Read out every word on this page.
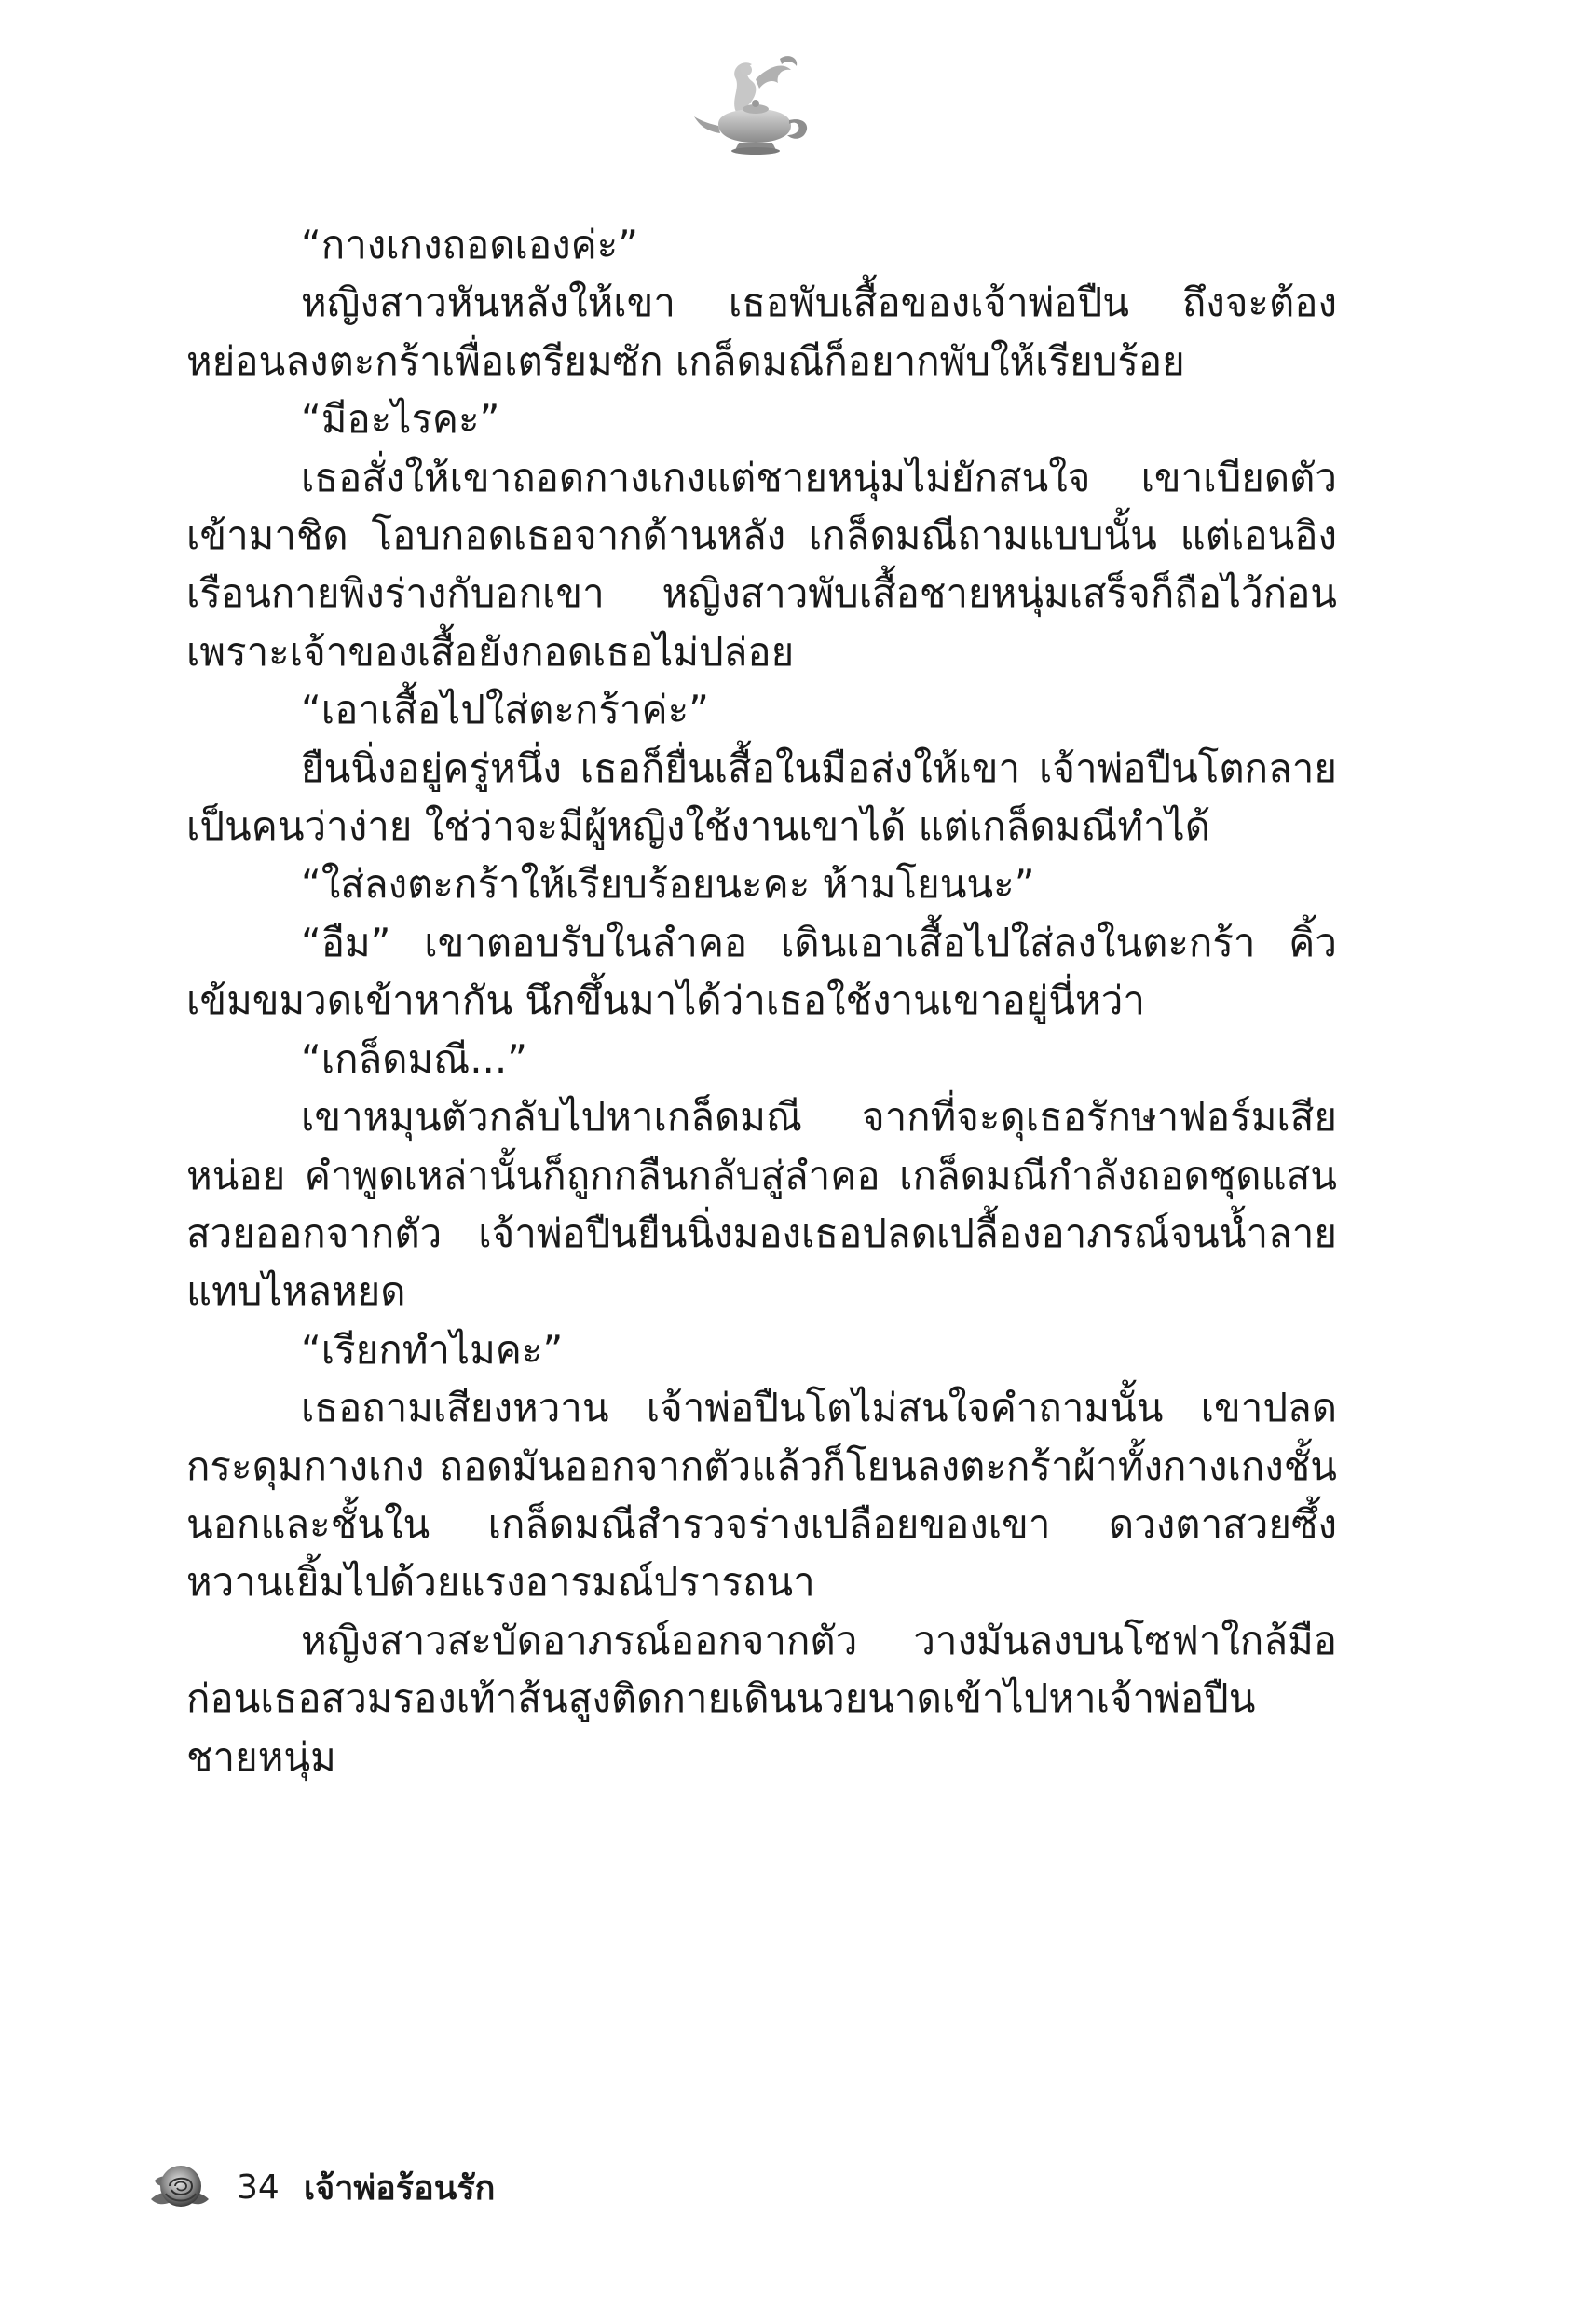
“กางเกงถอดเองค่ะ”

หญิงสาวหันหลังให้เขา เธอพับเสื้อของเจ้าพ่อปืน ถึงจะต้องหย่อนลงตะกร้าเพื่อเตรียมซัก เกล็ดมณีก็อยากพับให้เรียบร้อย

“มีอะไรคะ”

เธอสั่งให้เขาถอดกางเกงแต่ชายหนุ่มไม่ยักสนใจ เขาเบียดตัวเข้ามาชิด โอบกอดเธอจากด้านหลัง เกล็ดมณีถามแบบนั้น แต่เอนอิงเรือนกายพิงร่างกับอกเขา หญิงสาวพับเสื้อชายหนุ่มเสร็จก็ถือไว้ก่อนเพราะเจ้าของเสื้อยังกอดเธอไม่ปล่อย

“เอาเสื้อไปใส่ตะกร้าค่ะ”

ยืนนิ่งอยู่ครู่หนึ่ง เธอก็ยื่นเสื้อในมือส่งให้เขา เจ้าพ่อปืนโตกลายเป็นคนว่าง่าย ใช่ว่าจะมีผู้หญิงใช้งานเขาได้ แต่เกล็ดมณีทำได้

“ใส่ลงตะกร้าให้เรียบร้อยนะคะ ห้ามโยนนะ”

“อืม” เขาตอบรับในลำคอ เดินเอาเสื้อไปใส่ลงในตะกร้า คิ้วเข้มขมวดเข้าหากัน นึกขึ้นมาได้ว่าเธอใช้งานเขาอยู่นี่หว่า

“เกล็ดมณี...”

เขาหมุนตัวกลับไปหาเกล็ดมณี จากที่จะดุเธอรักษาฟอร์มเสียหน่อย คำพูดเหล่านั้นก็ถูกกลืนกลับสู่ลำคอ เกล็ดมณีกำลังถอดชุดแสนสวยออกจากตัว เจ้าพ่อปืนยืนนิ่งมองเธอปลดเปลื้องอาภรณ์จนน้ำลายแทบไหลหยด

“เรียกทำไมคะ”

เธอถามเสียงหวาน เจ้าพ่อปืนโตไม่สนใจคำถามนั้น เขาปลดกระดุมกางเกง ถอดมันออกจากตัวแล้วก็โยนลงตะกร้าผ้าทั้งกางเกงชั้นนอกและชั้นใน เกล็ดมณีสำรวจร่างเปลือยของเขา ดวงตาสวยซึ้งหวานเยิ้มไปด้วยแรงอารมณ์ปรารถนา

หญิงสาวสะบัดอาภรณ์ออกจากตัว วางมันลงบนโซฟาใกล้มือก่อนเธอสวมรองเท้าส้นสูงติดกายเดินนวยนาดเข้าไปหาเจ้าพ่อปืน ชายหนุ่ม

34 เจ้าพ่อร้อนรัก
